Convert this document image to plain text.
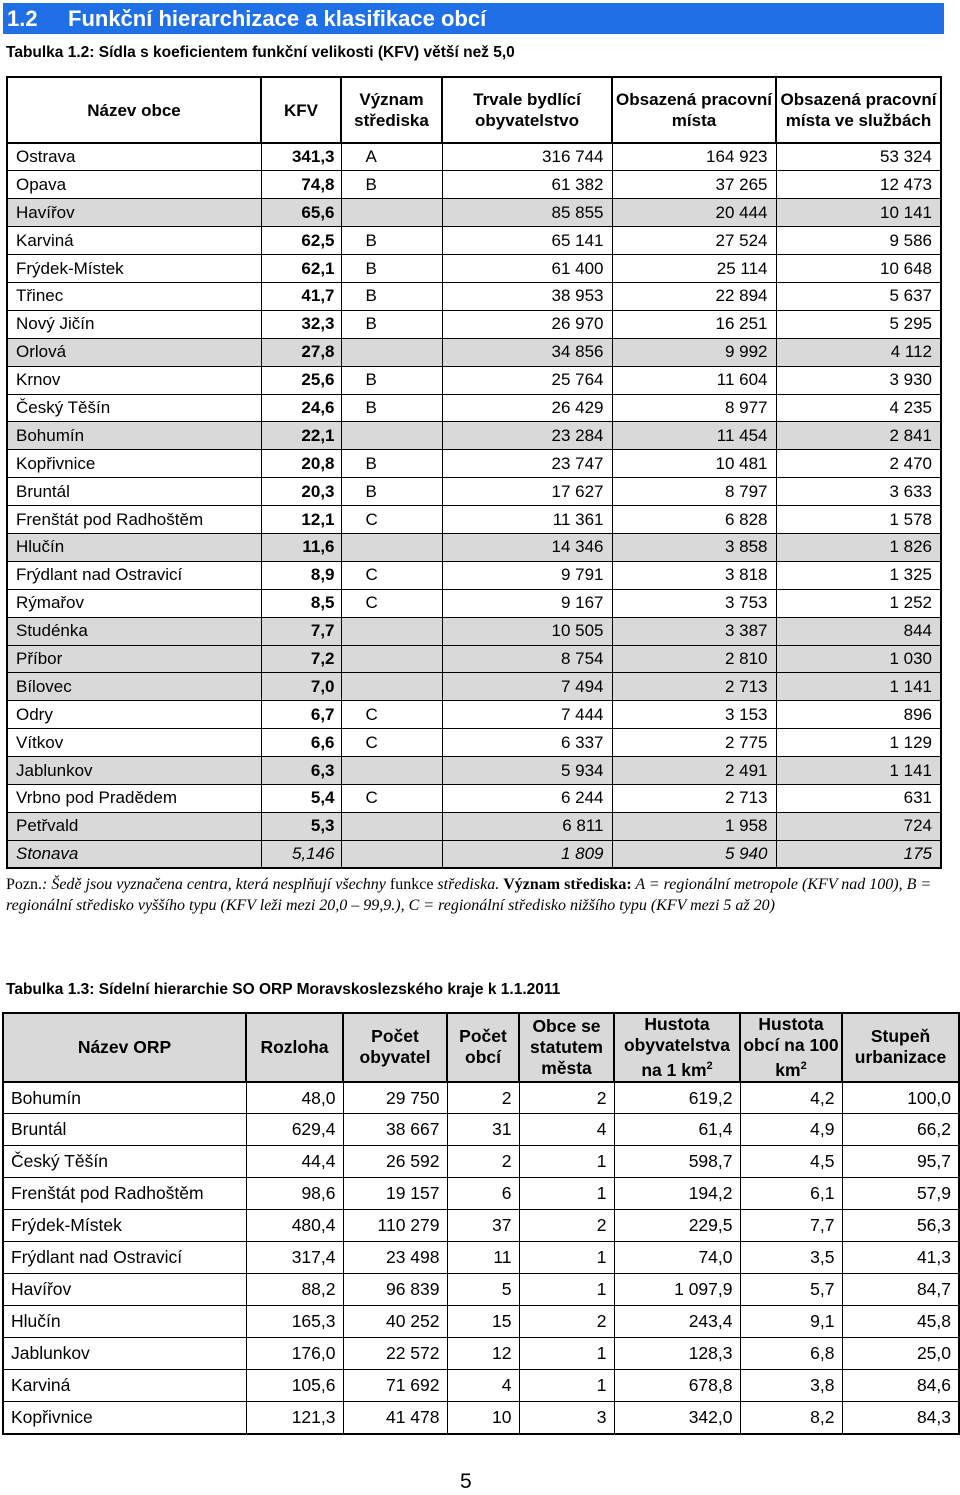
1.2 Funkční hierarchizace a klasifikace obcí
Tabulka 1.2: Sídla s koeficientem funkční velikosti (KFV) větší než 5,0
Název obce	KFV	Význam střediska	Trvale bydlící obyvatelstvo	Obsazená pracovní místa	Obsazená pracovní místa ve službách
Ostrava	341,3	A	316 744	164 923	53 324
Opava	74,8	B	61 382	37 265	12 473
Havířov	65,6		85 855	20 444	10 141
Karviná	62,5	B	65 141	27 524	9 586
Frýdek-Místek	62,1	B	61 400	25 114	10 648
Třinec	41,7	B	38 953	22 894	5 637
Nový Jičín	32,3	B	26 970	16 251	5 295
Orlová	27,8		34 856	9 992	4 112
Krnov	25,6	B	25 764	11 604	3 930
Český Těšín	24,6	B	26 429	8 977	4 235
Bohumín	22,1		23 284	11 454	2 841
Kopřivnice	20,8	B	23 747	10 481	2 470
Bruntál	20,3	B	17 627	8 797	3 633
Frenštát pod Radhoštěm	12,1	C	11 361	6 828	1 578
Hlučín	11,6		14 346	3 858	1 826
Frýdlant nad Ostravicí	8,9	C	9 791	3 818	1 325
Rýmařov	8,5	C	9 167	3 753	1 252
Studénka	7,7		10 505	3 387	844
Příbor	7,2		8 754	2 810	1 030
Bílovec	7,0		7 494	2 713	1 141
Odry	6,7	C	7 444	3 153	896
Vítkov	6,6	C	6 337	2 775	1 129
Jablunkov	6,3		5 934	2 491	1 141
Vrbno pod Pradědem	5,4	C	6 244	2 713	631
Petřvald	5,3		6 811	1 958	724
Stonava	5,146		1 809	5 940	175
Pozn.: Šedě jsou vyznačena centra, která nesplňují všechny funkce střediska. Význam střediska: A = regionální metropole (KFV nad 100), B = regionální středisko vyššího typu (KFV leži mezi 20,0 – 99,9.), C = regionální středisko nižšího typu (KFV mezi 5 až 20)
Tabulka 1.3: Sídelní hierarchie SO ORP Moravskoslezského kraje k 1.1.2011
Název ORP	Rozloha	Počet obyvatel	Počet obcí	Obce se statutem města	Hustota obyvatelstva na 1 $km^2$	Hustota obcí na 100 $km^2$	Stupeň urbanizace
Bohumín	48,0	29 750	2	2	619,2	4,2	100,0
Bruntál	629,4	38 667	31	4	61,4	4,9	66,2
Český Těšín	44,4	26 592	2	1	598,7	4,5	95,7
Frenštát pod Radhoštěm	98,6	19 157	6	1	194,2	6,1	57,9
Frýdek-Místek	480,4	110 279	37	2	229,5	7,7	56,3
Frýdlant nad Ostravicí	317,4	23 498	11	1	74,0	3,5	41,3
Havířov	88,2	96 839	5	1	1 097,9	5,7	84,7
Hlučín	165,3	40 252	15	2	243,4	9,1	45,8
Jablunkov	176,0	22 572	12	1	128,3	6,8	25,0
Karviná	105,6	71 692	4	1	678,8	3,8	84,6
Kopřivnice	121,3	41 478	10	3	342,0	8,2	84,3
5
